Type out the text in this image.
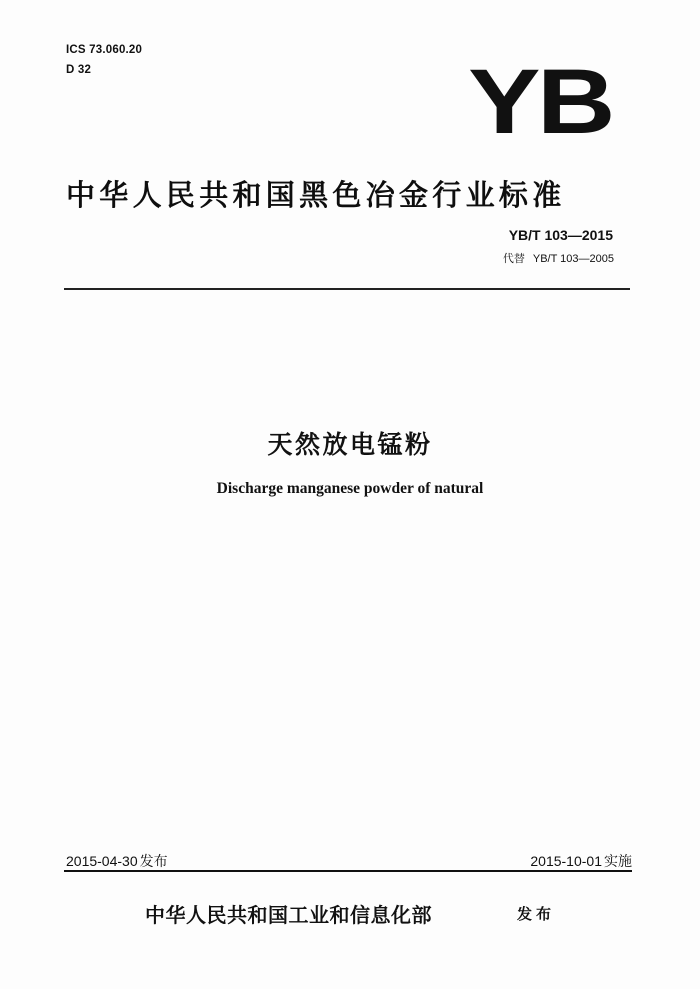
ICS 73.060.20
D 32	YB
中华人民共和国黑色冶金行业标准
YB/T 103—2015
代替 YB/T 103—2005
天然放电锰粉
Discharge manganese powder of natural
2015-04-30 发布	2015-10-01 实施
中华人民共和国工业和信息化部	发布
